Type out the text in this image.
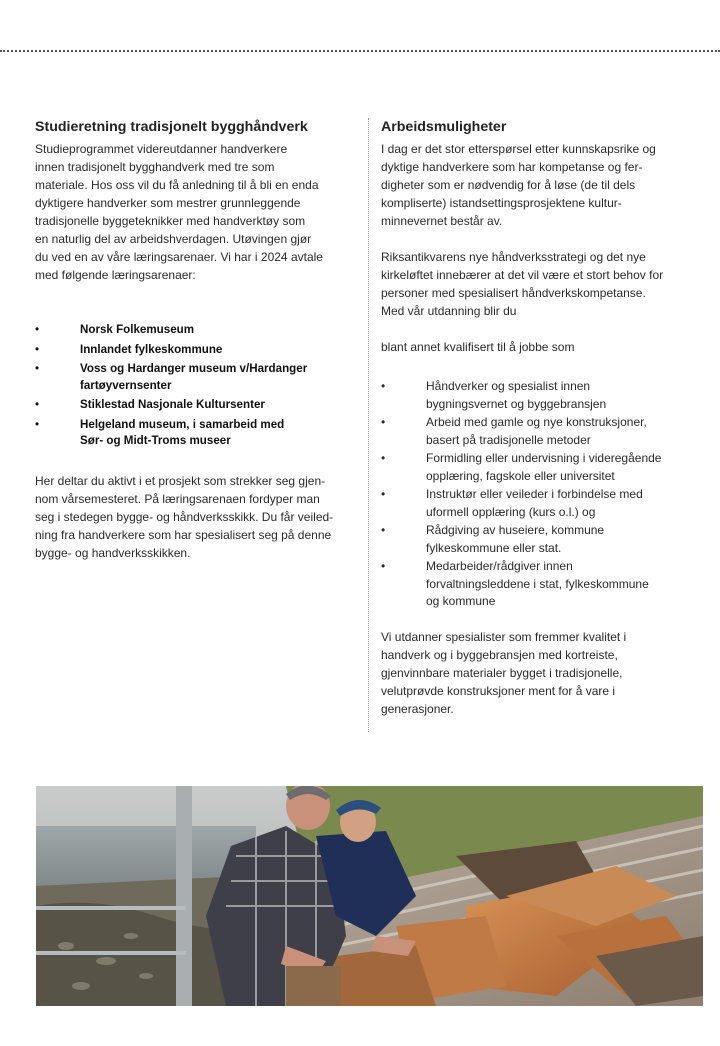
Studieretning tradisjonelt bygghåndverk

Studieprogrammet videreutdanner handverkere
innen tradisjonelt bygghandverk med tre som
materiale. Hos oss vil du få anledning til å bli en enda
dyktigere handverker som mestrer grunnleggende
tradisjonelle byggeteknikker med handverktøy som
en naturlig del av arbeidshverdagen. Utøvingen gjør
du ved en av våre læringsarenaer. Vi har i 2024 avtale
med følgende læringsarenaer:

•	Norsk Folkemuseum
•	Innlandet fylkeskommune
•	Voss og Hardanger museum v/Hardanger
fartøyvernsenter
•	Stiklestad Nasjonale Kultursenter
•	Helgeland museum, i samarbeid med
Sør- og Midt-Troms museer

Her deltar du aktivt i et prosjekt som strekker seg gjen-
nom vårsemesteret. På læringsarenaen fordyper man
seg i stedegen bygge- og håndverksskikk. Du får veiled-
ning fra handverkere som har spesialisert seg på denne
bygge- og handverksskikken.

Arbeidsmuligheter

I dag er det stor etterspørsel etter kunnskapsrike og
dyktige handverkere som har kompetanse og fer-
digheter som er nødvendig for å løse (de til dels
kompliserte) istandsettingsprosjektene kultur-
minnevernet består av.

Riksantikvarens nye håndverksstrategi og det nye
kirkeløftet innebærer at det vil være et stort behov for
personer med spesialisert håndverkskompetanse.
Med vår utdanning blir du

blant annet kvalifisert til å jobbe som

•	Håndverker og spesialist innen
bygningsvernet og byggebransjen
•	Arbeid med gamle og nye konstruksjoner,
basert på tradisjonelle metoder
•	Formidling eller undervisning i videregående
opplæring, fagskole eller universitet
•	Instruktør eller veileder i forbindelse med
uformell opplæring (kurs o.l.) og
•	Rådgiving av huseiere, kommune
fylkeskommune eller stat.
•	Medarbeider/rådgiver innen
forvaltningsleddene i stat, fylkeskommune
og kommune

Vi utdanner spesialister som fremmer kvalitet i
handverk og i byggebransjen med kortreiste,
gjenvinnbare materialer bygget i tradisjonelle,
velutprøvde konstruksjoner ment for å vare i
generasjoner.
